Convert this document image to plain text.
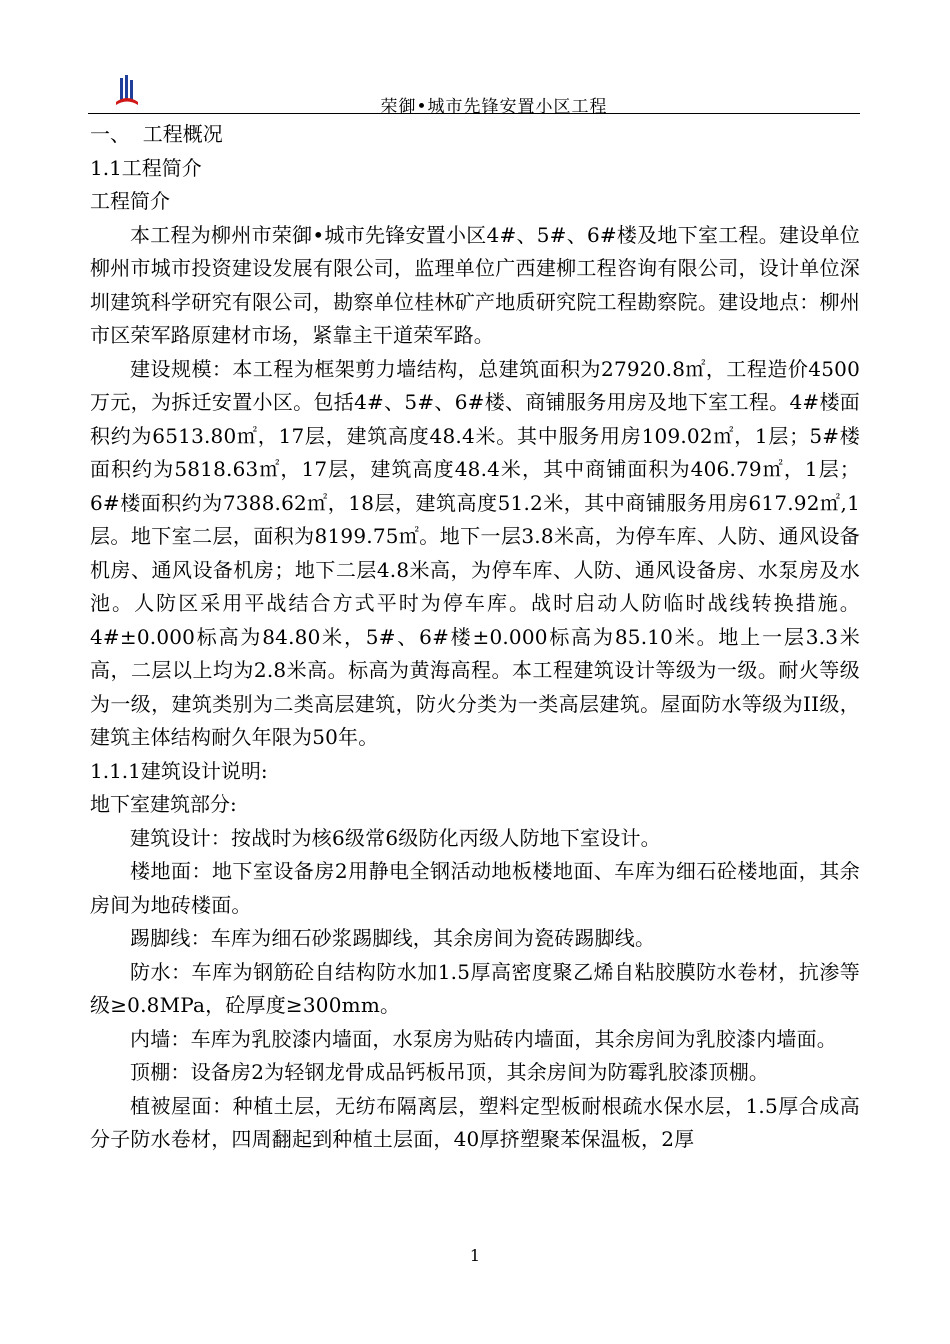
荣御•城市先锋安置小区工程

一、  工程概况

1.1工程简介

工程简介

本工程为柳州市荣御•城市先锋安置小区4#、5#、6#楼及地下室工程。建设单位柳州市城市投资建设发展有限公司，监理单位广西建柳工程咨询有限公司，设计单位深圳建筑科学研究有限公司，勘察单位桂林矿产地质研究院工程勘察院。建设地点：柳州市区荣军路原建材市场，紧靠主干道荣军路。

建设规模：本工程为框架剪力墙结构，总建筑面积为27920.8㎡，工程造价4500万元，为拆迁安置小区。包括4#、5#、6#楼、商铺服务用房及地下室工程。4#楼面积约为6513.80㎡，17层，建筑高度48.4米。其中服务用房109.02㎡，1层；5#楼面积约为5818.63㎡，17层，建筑高度48.4米，其中商铺面积为406.79㎡，1层；6#楼面积约为7388.62㎡，18层，建筑高度51.2米，其中商铺服务用房617.92㎡,1层。地下室二层，面积为8199.75㎡。地下一层3.8米高，为停车库、人防、通风设备机房、通风设备机房；地下二层4.8米高，为停车库、人防、通风设备房、水泵房及水池。人防区采用平战结合方式平时为停车库。战时启动人防临时战线转换措施。4#±0.000标高为84.80米，5#、6#楼±0.000标高为85.10米。地上一层3.3米高，二层以上均为2.8米高。标高为黄海高程。本工程建筑设计等级为一级。耐火等级为一级，建筑类别为二类高层建筑，防火分类为一类高层建筑。屋面防水等级为II级，建筑主体结构耐久年限为50年。

1.1.1建筑设计说明:

地下室建筑部分:

建筑设计：按战时为核6级常6级防化丙级人防地下室设计。

楼地面：地下室设备房2用静电全钢活动地板楼地面、车库为细石砼楼地面，其余房间为地砖楼面。

踢脚线：车库为细石砂浆踢脚线，其余房间为瓷砖踢脚线。

防水：车库为钢筋砼自结构防水加1.5厚高密度聚乙烯自粘胶膜防水卷材，抗渗等级≥0.8MPa，砼厚度≥300mm。

内墙：车库为乳胶漆内墙面，水泵房为贴砖内墙面，其余房间为乳胶漆内墙面。

顶棚：设备房2为轻钢龙骨成品钙板吊顶，其余房间为防霉乳胶漆顶棚。

植被屋面：种植土层，无纺布隔离层，塑料定型板耐根疏水保水层，1.5厚合成高分子防水卷材，四周翻起到种植土层面，40厚挤塑聚苯保温板，2厚

1
